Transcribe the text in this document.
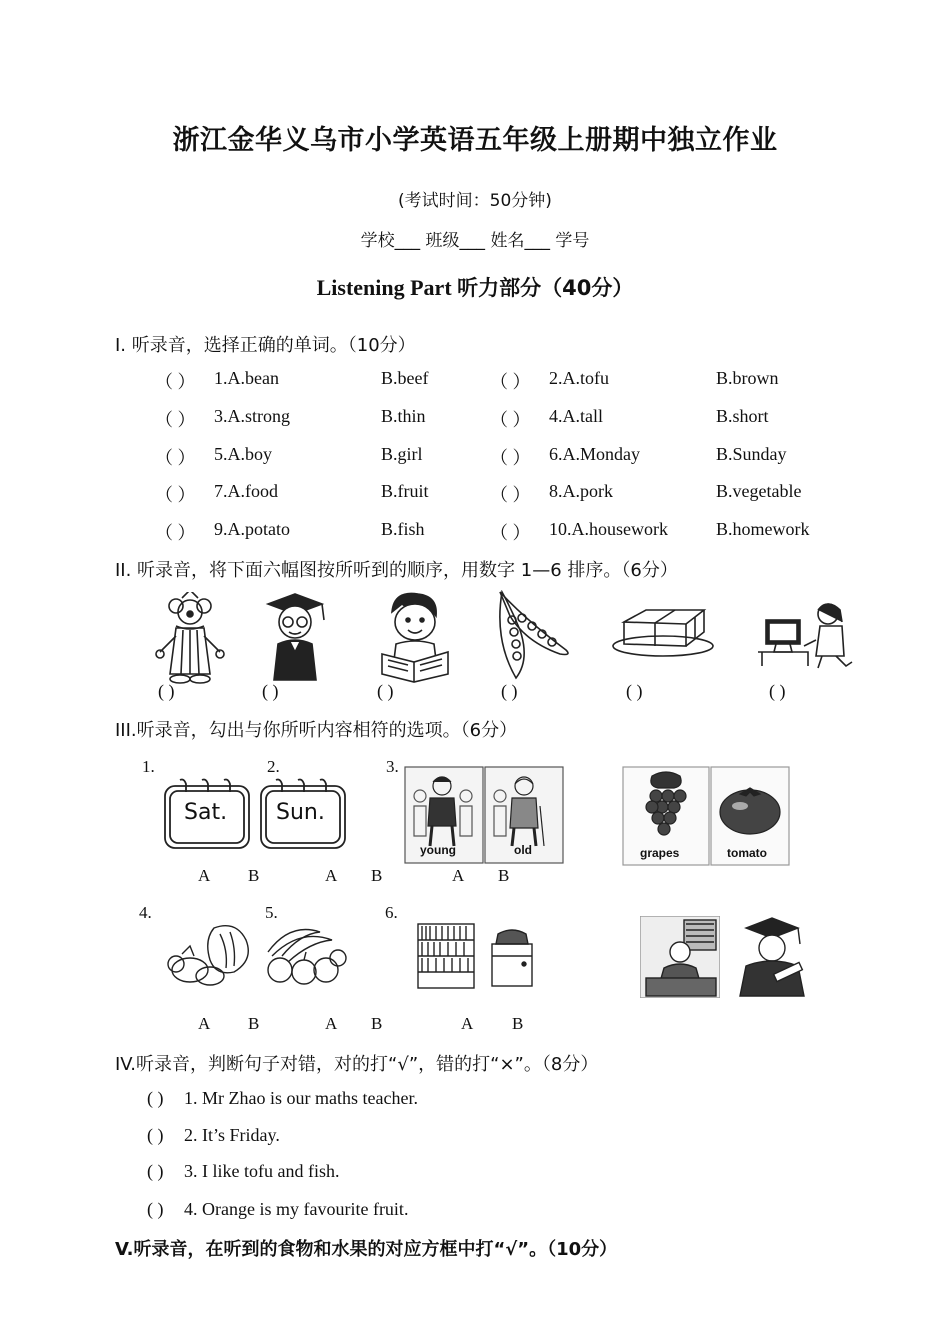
浙江金华义乌市小学英语五年级上册期中独立作业
(考试时间：50分钟)
学校___ 班级___ 姓名___ 学号
Listening Part 听力部分（40分）
I. 听录音，选择正确的单词。（10分）
（ ） 1.A.bean	B.beef	（ ） 2.A.tofu	B.brown
（ ） 3.A.strong	B.thin	（ ） 4.A.tall	B.short
（ ） 5.A.boy	B.girl	（ ） 6.A.Monday	B.Sunday
（ ） 7.A.food	B.fruit	（ ） 8.A.pork	B.vegetable
（ ） 9.A.potato	B.fish	（ ） 10.A.housework	B.homework
II. 听录音，将下面六幅图按所听到的顺序，用数字 1—6 排序。（6分）
( )	( )	( )	( )	( )	( )
III.听录音，勾出与你所听内容相符的选项。（6分）
1.	2.	3.
Sat. Sun.
young	old	grapes	tomato
A B	A B	A B
4.	5.	6.
A B	A B	A B
IV.听录音，判断句子对错，对的打“√”，错的打“×”。（8分）
( ) 1. Mr Zhao is our maths teacher.
( ) 2. It’s Friday.
( ) 3. I like tofu and fish.
( ) 4. Orange is my favourite fruit.
V.听录音，在听到的食物和水果的对应方框中打“√”。（10分）
